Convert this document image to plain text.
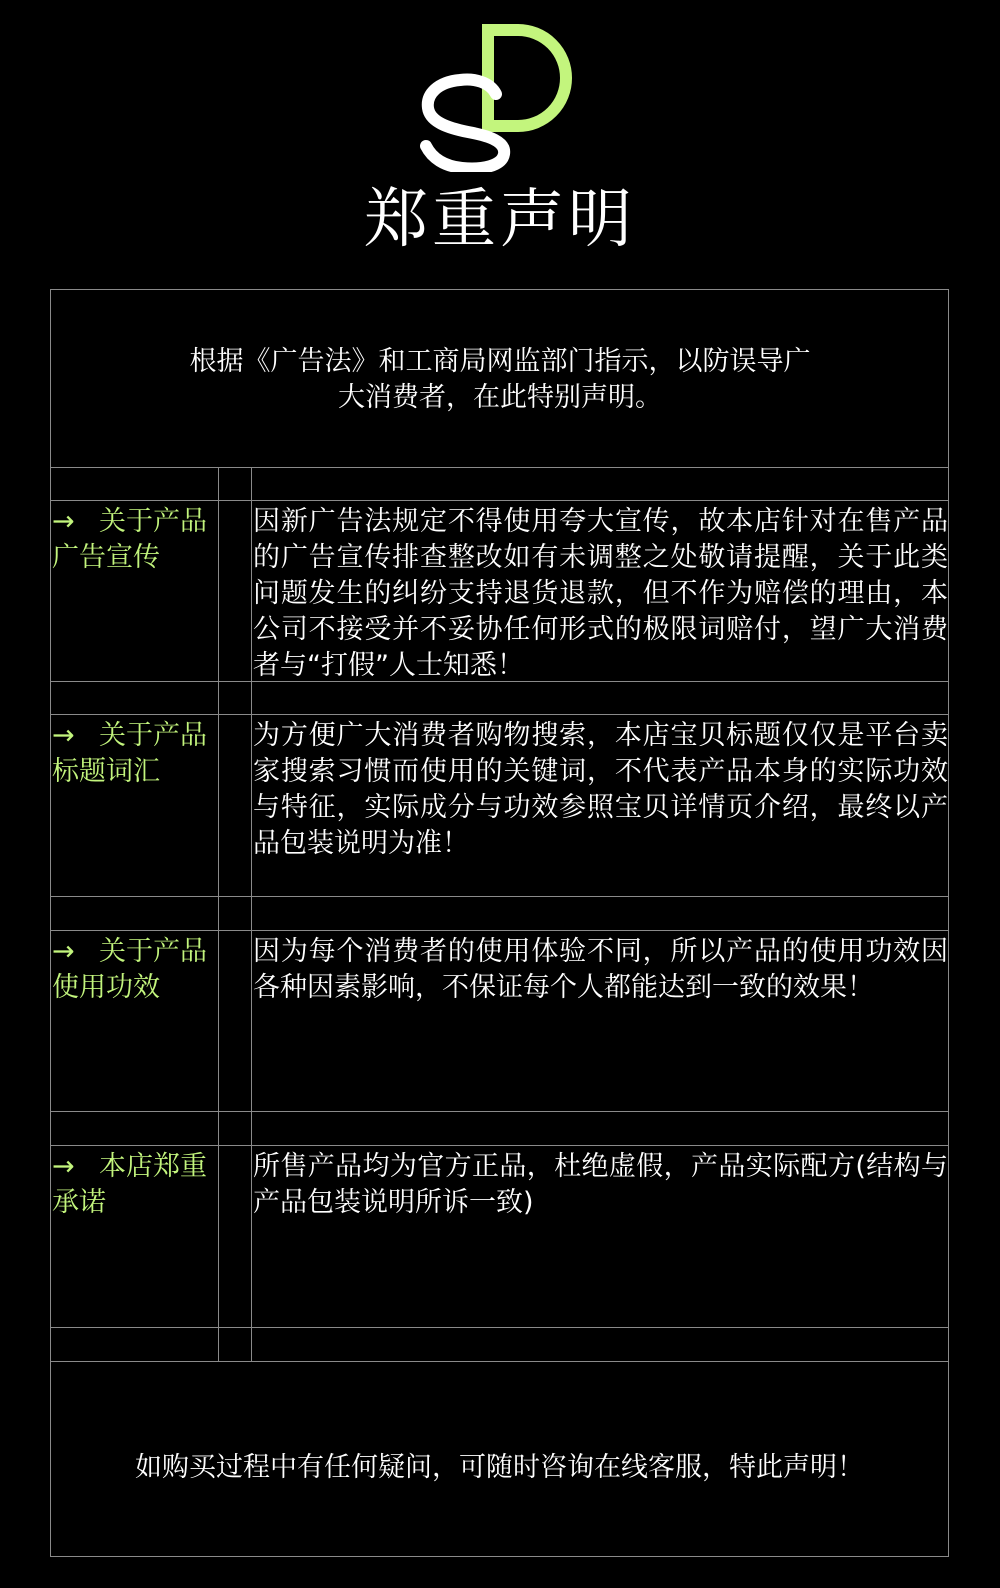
郑重声明
根据《广告法》和工商局网监部门指示，以防误导广
大消费者，在此特别声明。
→ 关于产品
广告宣传

因新广告法规定不得使用夸大宣传，故本店针对在售产品的广告宣传排查整改如有未调整之处敬请提醒，关于此类问题发生的纠纷支持退货退款，但不作为赔偿的理由，本公司不接受并不妥协任何形式的极限词赔付，望广大消费者与“打假”人士知悉！

→ 关于产品
标题词汇

为方便广大消费者购物搜索，本店宝贝标题仅仅是平台卖家搜索习惯而使用的关键词，不代表产品本身的实际功效与特征，实际成分与功效参照宝贝详情页介绍，最终以产品包装说明为准！

→ 关于产品
使用功效

因为每个消费者的使用体验不同，所以产品的使用功效因各种因素影响，不保证每个人都能达到一致的效果！

→ 本店郑重
承诺

所售产品均为官方正品，杜绝虚假，产品实际配方(结构与产品包装说明所诉一致)

如购买过程中有任何疑问，可随时咨询在线客服，特此声明！
